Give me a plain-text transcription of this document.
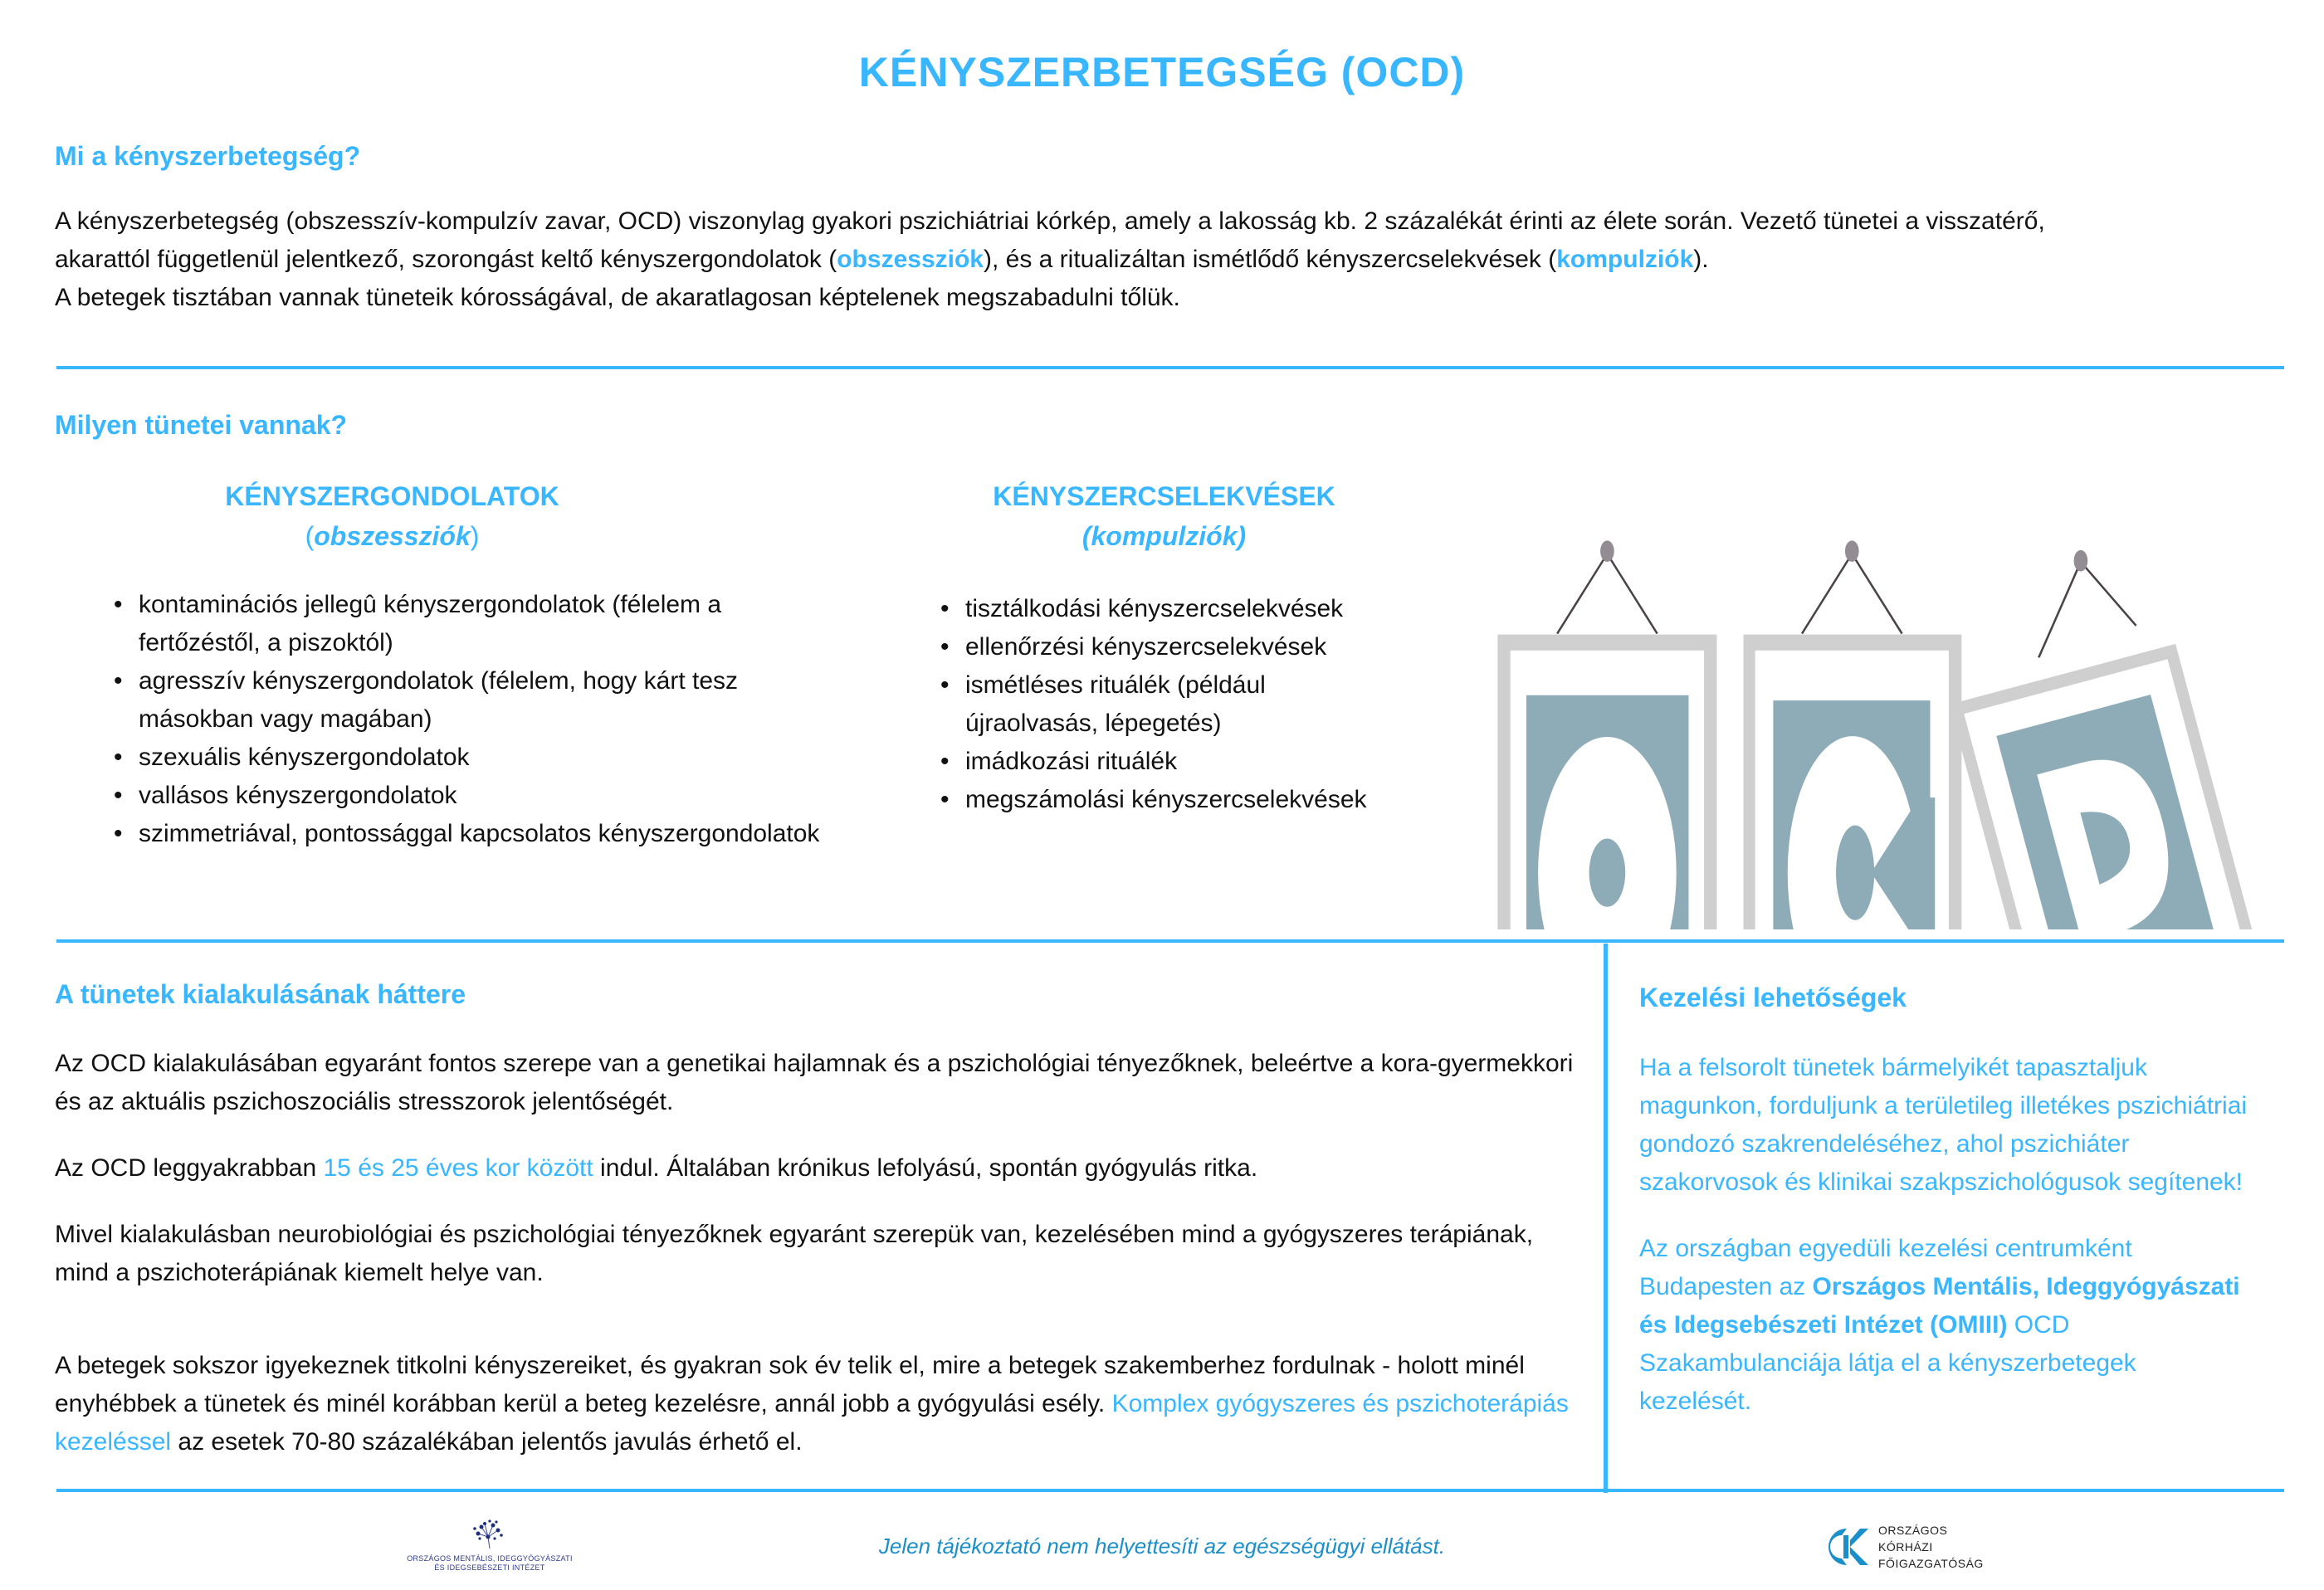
KÉNYSZERBETEGSÉG (OCD)
Mi a kényszerbetegség?
A kényszerbetegség (obszesszív-kompulzív zavar, OCD) viszonylag gyakori pszichiátriai kórkép, amely a lakosság kb. 2 százalékát érinti az élete során. Vezető tünetei a visszatérő,
akarattól függetlenül jelentkező, szorongást keltő kényszergondolatok (obszessziók), és a ritualizáltan ismétlődő kényszercselekvések (kompulziók).
A betegek tisztában vannak tüneteik kórosságával, de akaratlagosan képtelenek megszabadulni tőlük.
Milyen tünetei vannak?
KÉNYSZERGONDOLATOK
(obszessziók)
• kontaminációs jellegû kényszergondolatok (félelem a fertőzéstől, a piszoktól)
• agresszív kényszergondolatok (félelem, hogy kárt tesz másokban vagy magában)
• szexuális kényszergondolatok
• vallásos kényszergondolatok
• szimmetriával, pontossággal kapcsolatos kényszergondolatok
KÉNYSZERCSELEKVÉSEK
(kompulziók)
• tisztálkodási kényszercselekvések
• ellenőrzési kényszercselekvések
• ismétléses rituálék (például újraolvasás, lépegetés)
• imádkozási rituálék
• megszámolási kényszercselekvések
A tünetek kialakulásának háttere
Az OCD kialakulásában egyaránt fontos szerepe van a genetikai hajlamnak és a pszichológiai tényezőknek, beleértve a kora-gyermekkori és az aktuális pszichoszociális stresszorok jelentőségét.
Az OCD leggyakrabban 15 és 25 éves kor között indul. Általában krónikus lefolyású, spontán gyógyulás ritka.
Mivel kialakulásban neurobiológiai és pszichológiai tényezőknek egyaránt szerepük van, kezelésében mind a gyógyszeres terápiának, mind a pszichoterápiának kiemelt helye van.
A betegek sokszor igyekeznek titkolni kényszereiket, és gyakran sok év telik el, mire a betegek szakemberhez fordulnak - holott minél enyhébbek a tünetek és minél korábban kerül a beteg kezelésre, annál jobb a gyógyulási esély. Komplex gyógyszeres és pszichoterápiás kezeléssel az esetek 70-80 százalékában jelentős javulás érhető el.
Kezelési lehetőségek
Ha a felsorolt tünetek bármelyikét tapasztaljuk magunkon, forduljunk a területileg illetékes pszichiátriai gondozó szakrendeléséhez, ahol pszichiáter szakorvosok és klinikai szakpszichológusok segítenek!
Az országban egyedüli kezelési centrumként Budapesten az Országos Mentális, Ideggyógyászati és Idegsebészeti Intézet (OMIII) OCD Szakambulanciája látja el a kényszerbetegek kezelését.
ORSZÁGOS MENTÁLIS, IDEGGYÓGYÁSZATI
ÉS IDEGSEBÉSZETI INTÉZET
Jelen tájékoztató nem helyettesíti az egészségügyi ellátást.
ORSZÁGOS
KÓRHÁZI
FŐIGAZGATÓSÁG
